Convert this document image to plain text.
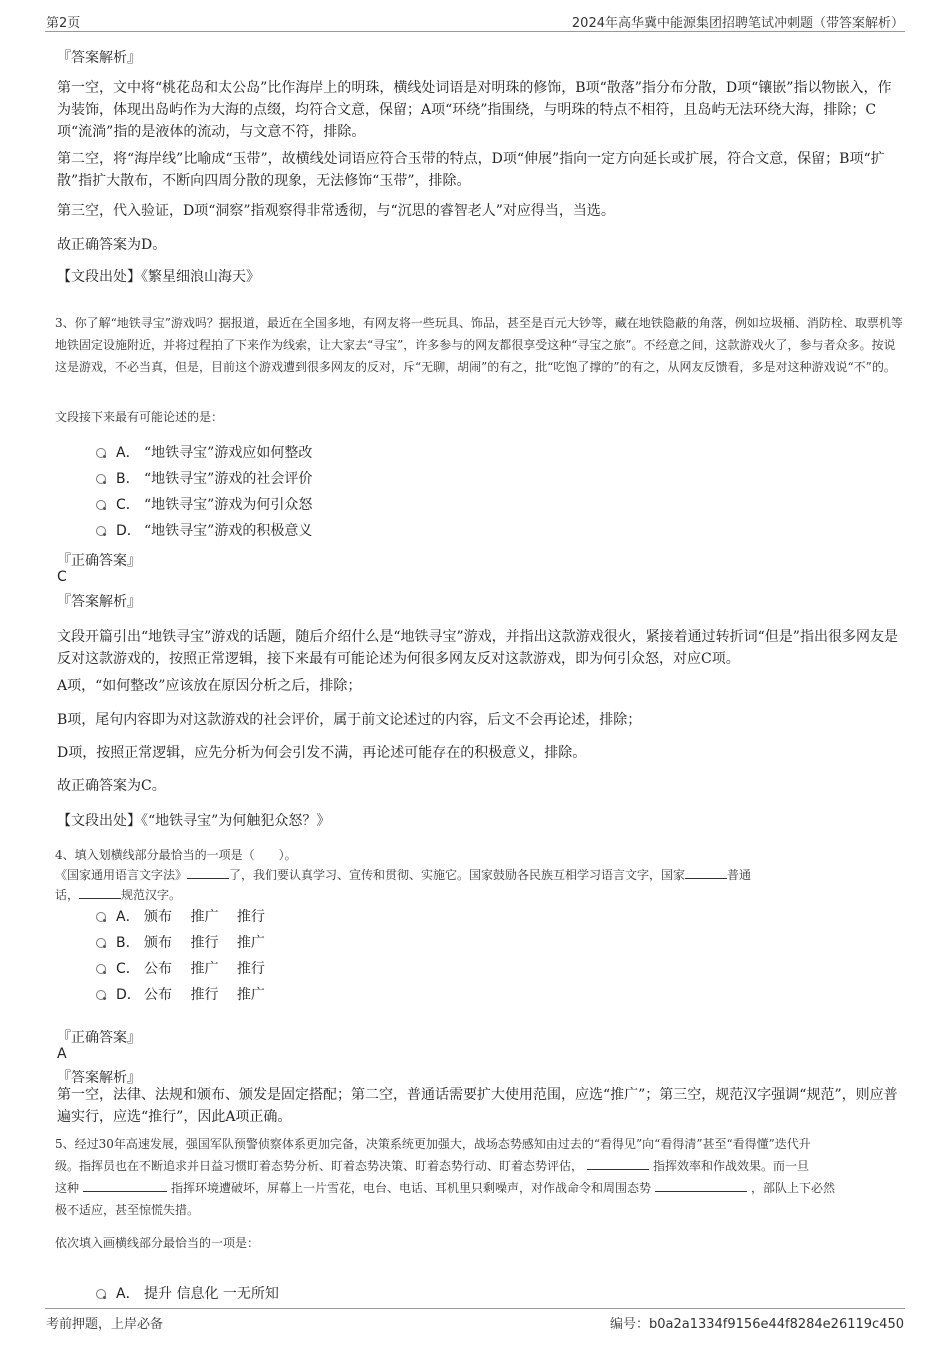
第2页	2024年高华冀中能源集团招聘笔试冲刺题（带答案解析）
『答案解析』
第一空，文中将“桃花岛和太公岛”比作海岸上的明珠，横线处词语是对明珠的修饰，B项“散落”指分布分散，D项“镶嵌”指以物嵌入，作为装饰，体现出岛屿作为大海的点缀，均符合文意，保留；A项“环绕”指围绕，与明珠的特点不相符，且岛屿无法环绕大海，排除；C项“流淌”指的是液体的流动，与文意不符，排除。
第二空，将“海岸线”比喻成“玉带”，故横线处词语应符合玉带的特点，D项“伸展”指向一定方向延长或扩展，符合文意，保留；B项“扩散”指扩大散布，不断向四周分散的现象，无法修饰“玉带”，排除。
第三空，代入验证，D项“洞察”指观察得非常透彻，与“沉思的睿智老人”对应得当，当选。
故正确答案为D。
【文段出处】《繁星细浪山海天》
3、你了解“地铁寻宝”游戏吗？据报道，最近在全国多地，有网友将一些玩具、饰品，甚至是百元大钞等，藏在地铁隐蔽的角落，例如垃圾桶、消防栓、取票机等地铁固定设施附近，并将过程拍了下来作为线索，让大家去“寻宝”，许多参与的网友都很享受这种“寻宝之旅”。不经意之间，这款游戏火了，参与者众多。按说这是游戏，不必当真，但是，目前这个游戏遭到很多网友的反对，斥“无聊，胡闹”的有之，批“吃饱了撑的”的有之，从网友反馈看，多是对这种游戏说“不”的。
文段接下来最有可能论述的是：
A． “地铁寻宝”游戏应如何整改
B． “地铁寻宝”游戏的社会评价
C． “地铁寻宝”游戏为何引众怒
D． “地铁寻宝”游戏的积极意义
『正确答案』
C
『答案解析』
文段开篇引出“地铁寻宝”游戏的话题，随后介绍什么是“地铁寻宝”游戏，并指出这款游戏很火，紧接着通过转折词“但是”指出很多网友是反对这款游戏的，按照正常逻辑，接下来最有可能论述为何很多网友反对这款游戏，即为何引众怒，对应C项。
A项，“如何整改”应该放在原因分析之后，排除；
B项，尾句内容即为对这款游戏的社会评价，属于前文论述过的内容，后文不会再论述，排除；
D项，按照正常逻辑，应先分析为何会引发不满，再论述可能存在的积极意义，排除。
故正确答案为C。
【文段出处】《“地铁寻宝”为何触犯众怒？》
4、填入划横线部分最恰当的一项是（　　）。
《国家通用语言文字法》	了，我们要认真学习、宣传和贯彻、实施它。国家鼓励各民族互相学习语言文字，国家	普通
话，	规范汉字。
A． 颁布　 推广　 推行
B． 颁布　 推行　 推广
C． 公布　 推广　 推行
D． 公布　 推行　 推广
『正确答案』
A
『答案解析』
第一空，法律、法规和颁布、颁发是固定搭配；第二空，普通话需要扩大使用范围，应选“推广”；第三空，规范汉字强调“规范”，则应普遍实行，应选“推行”，因此A项正确。
5、经过30年高速发展，强国军队预警侦察体系更加完备，决策系统更加强大，战场态势感知由过去的“看得见”向“看得清”甚至“看得懂”迭代升
级。指挥员也在不断追求并日益习惯盯着态势分析、盯着态势决策、盯着态势行动、盯着态势评估，	指挥效率和作战效果。而一旦
这种	指挥环境遭破坏，屏幕上一片雪花，电台、电话、耳机里只剩噪声，对作战命令和周围态势	，部队上下必然
极不适应，甚至惊慌失措。
依次填入画横线部分最恰当的一项是：
A． 提升 信息化 一无所知
考前押题，上岸必备	编号：b0a2a1334f9156e44f8284e26119c450
